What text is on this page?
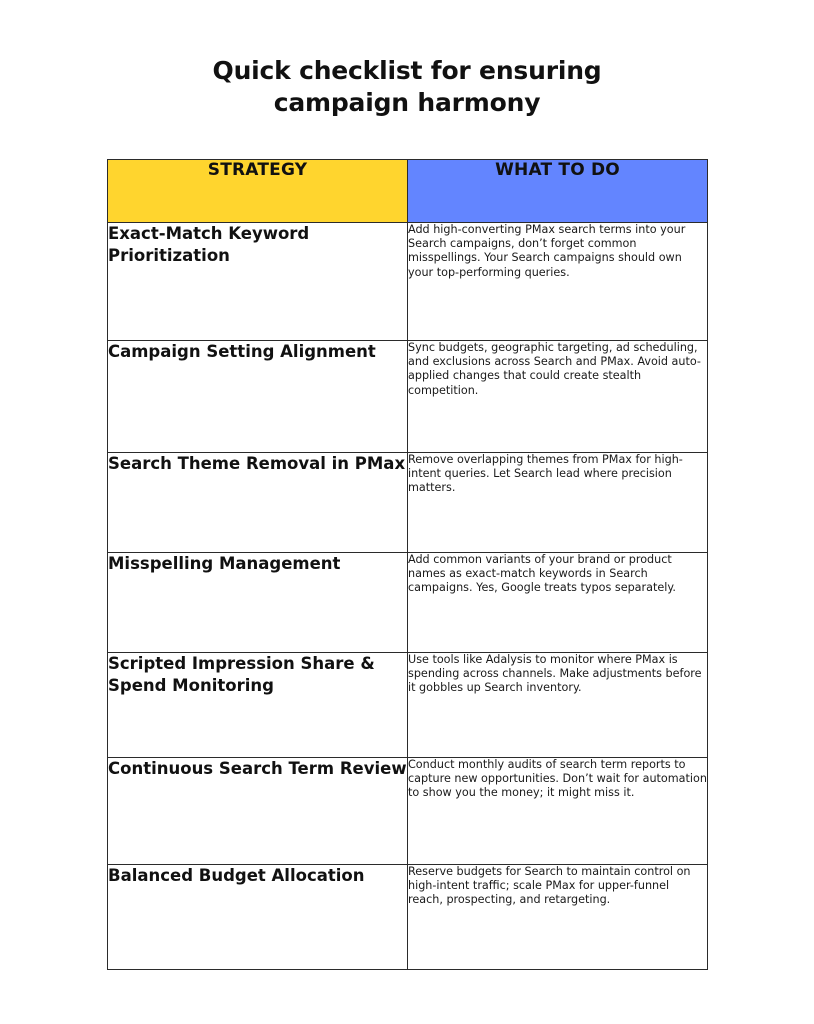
Quick checklist for ensuring
campaign harmony
STRATEGY	WHAT TO DO
Exact-Match Keyword Prioritization	Add high-converting PMax search terms into your Search campaigns, don’t forget common misspellings. Your Search campaigns should own your top-performing queries.
Campaign Setting Alignment	Sync budgets, geographic targeting, ad scheduling, and exclusions across Search and PMax. Avoid auto-applied changes that could create stealth competition.
Search Theme Removal in PMax	Remove overlapping themes from PMax for high-intent queries. Let Search lead where precision matters.
Misspelling Management	Add common variants of your brand or product names as exact-match keywords in Search campaigns. Yes, Google treats typos separately.
Scripted Impression Share & Spend Monitoring	Use tools like Adalysis to monitor where PMax is spending across channels. Make adjustments before it gobbles up Search inventory.
Continuous Search Term Review	Conduct monthly audits of search term reports to capture new opportunities. Don’t wait for automation to show you the money; it might miss it.
Balanced Budget Allocation	Reserve budgets for Search to maintain control on high-intent traffic; scale PMax for upper-funnel reach, prospecting, and retargeting.
